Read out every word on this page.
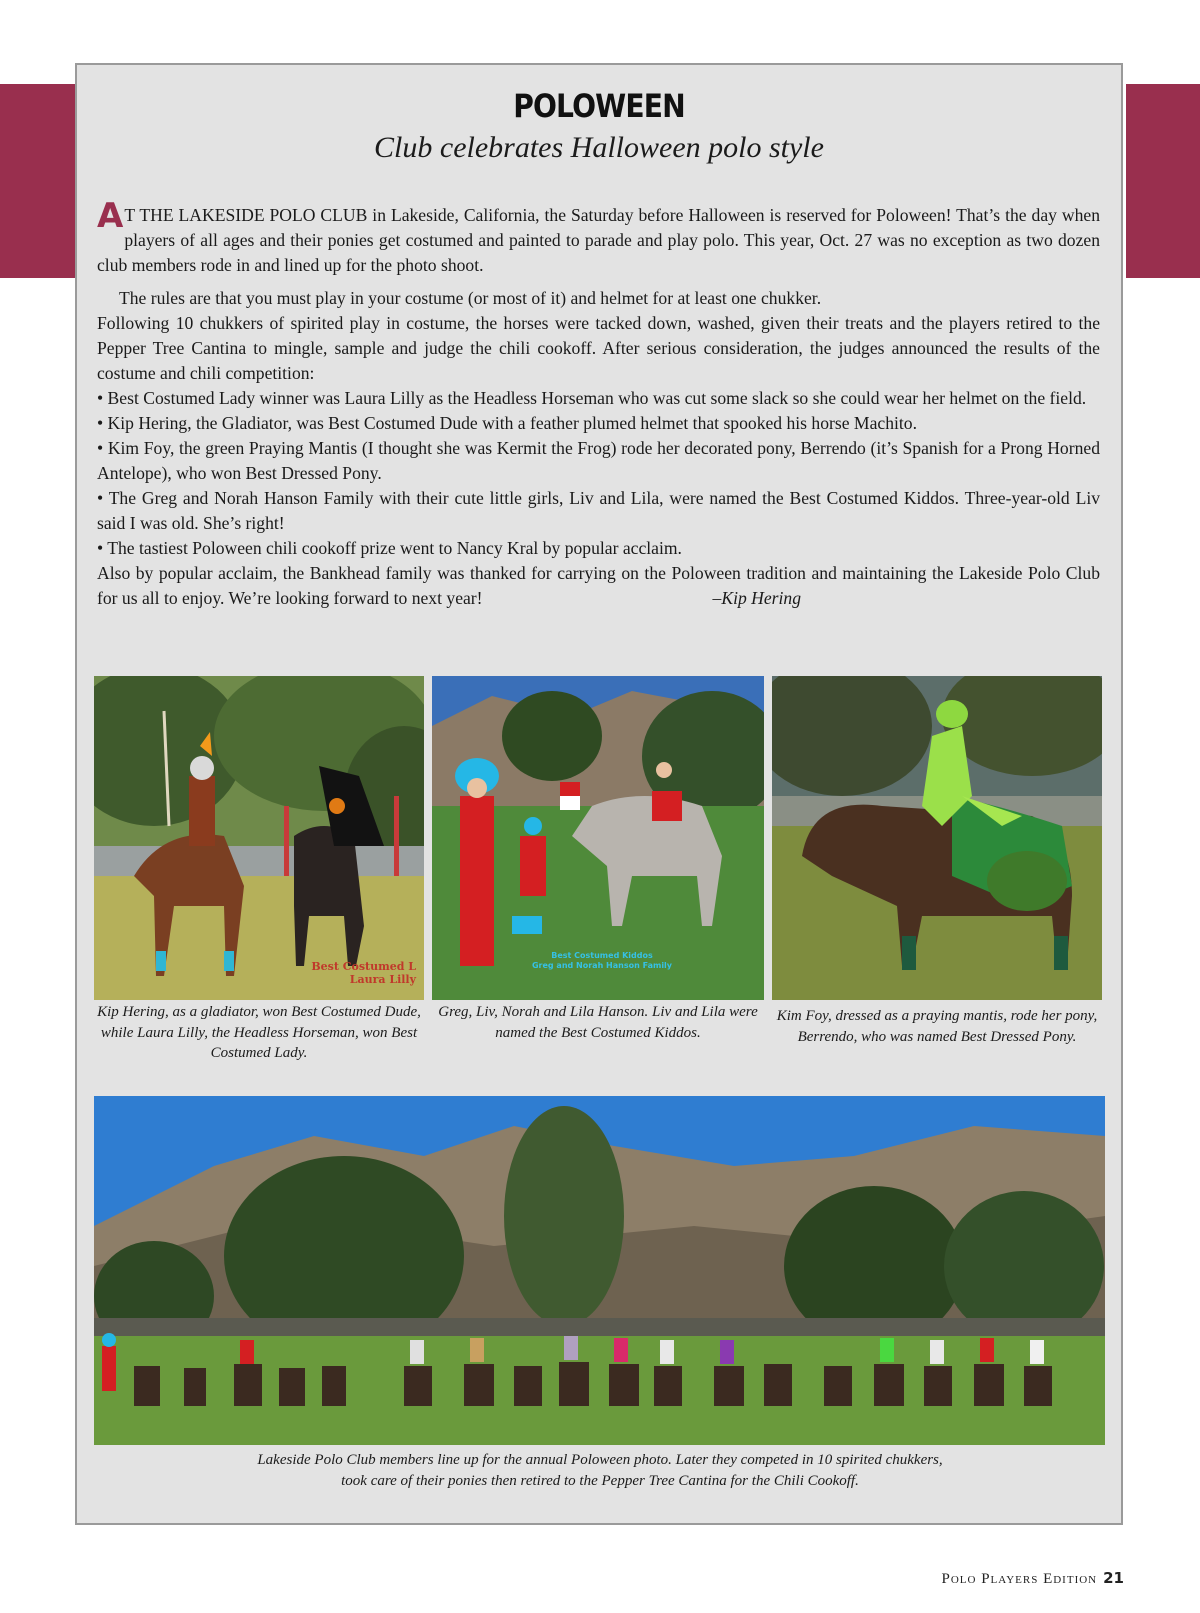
POLOWEEN
Club celebrates Halloween polo style

A T THE LAKESIDE POLO CLUB in Lakeside, California, the Saturday before Halloween is reserved for Poloween! That’s the day when players of all ages and their ponies get costumed and painted to parade and play polo. This year, Oct. 27 was no exception as two dozen club members rode in and lined up for the photo shoot.

The rules are that you must play in your costume (or most of it) and helmet for at least one chukker.

Following 10 chukkers of spirited play in costume, the horses were tacked down, washed, given their treats and the players retired to the Pepper Tree Cantina to mingle, sample and judge the chili cookoff. After serious consideration, the judges announced the results of the costume and chili competition:

• Best Costumed Lady winner was Laura Lilly as the Headless Horseman who was cut some slack so she could wear her helmet on the field.

• Kip Hering, the Gladiator, was Best Costumed Dude with a feather plumed helmet that spooked his horse Machito.

• Kim Foy, the green Praying Mantis (I thought she was Kermit the Frog) rode her decorated pony, Berrendo (it’s Spanish for a Prong Horned Antelope), who won Best Dressed Pony.

• The Greg and Norah Hanson Family with their cute little girls, Liv and Lila, were named the Best Costumed Kiddos. Three-year-old Liv said I was old. She’s right!

• The tastiest Poloween chili cookoff prize went to Nancy Kral by popular acclaim.

Also by popular acclaim, the Bankhead family was thanked for carrying on the Poloween tradition and maintaining the Lakeside Polo Club for us all to enjoy. We’re looking forward to next year!	–Kip Hering

Best Costumed L
Laura Lilly
Best Costumed Kiddos
Greg and Norah Hanson Family
Kip Hering, as a gladiator, won Best Costumed Dude, while Laura Lilly, the Headless Horseman, won Best Costumed Lady.
Greg, Liv, Norah and Lila Hanson. Liv and Lila were named the Best Costumed Kiddos.
Kim Foy, dressed as a praying mantis, rode her pony, Berrendo, who was named Best Dressed Pony.
Lakeside Polo Club members line up for the annual Poloween photo. Later they competed in 10 spirited chukkers, took care of their ponies then retired to the Pepper Tree Cantina for the Chili Cookoff.
Polo Players Edition 21
